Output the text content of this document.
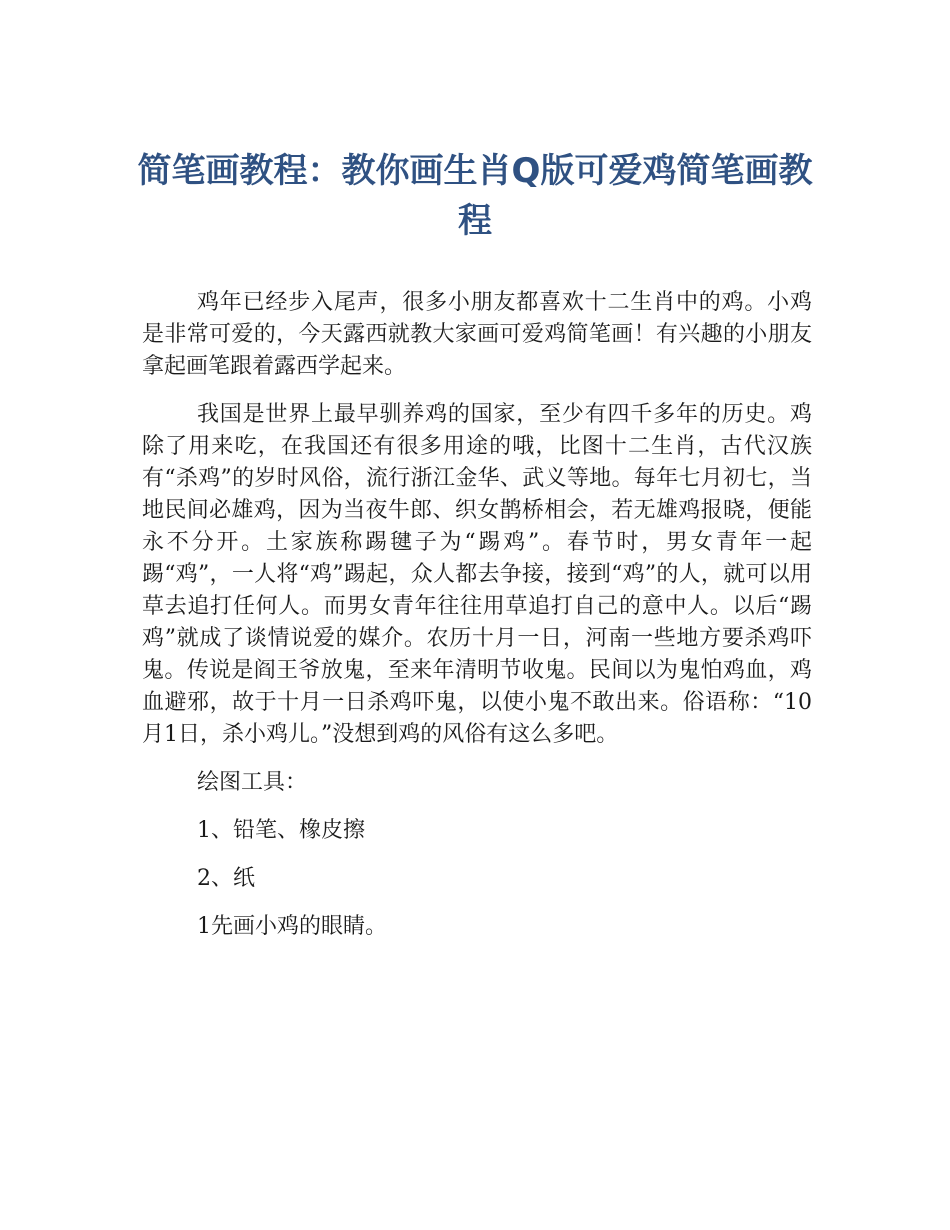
简笔画教程：教你画生肖Q版可爱鸡简笔画教程

鸡年已经步入尾声，很多小朋友都喜欢十二生肖中的鸡。小鸡是非常可爱的，今天露西就教大家画可爱鸡简笔画！有兴趣的小朋友拿起画笔跟着露西学起来。

我国是世界上最早驯养鸡的国家，至少有四千多年的历史。鸡除了用来吃，在我国还有很多用途的哦，比图十二生肖，古代汉族有“杀鸡”的岁时风俗，流行浙江金华、武义等地。每年七月初七，当地民间必雄鸡，因为当夜牛郎、织女鹊桥相会，若无雄鸡报晓，便能永不分开。土家族称踢毽子为“踢鸡”。春节时，男女青年一起踢“鸡”，一人将“鸡”踢起，众人都去争接，接到“鸡”的人，就可以用草去追打任何人。而男女青年往往用草追打自己的意中人。以后“踢鸡”就成了谈情说爱的媒介。农历十月一日，河南一些地方要杀鸡吓鬼。传说是阎王爷放鬼，至来年清明节收鬼。民间以为鬼怕鸡血，鸡血避邪，故于十月一日杀鸡吓鬼，以使小鬼不敢出来。俗语称：“10月1日，杀小鸡儿。”没想到鸡的风俗有这么多吧。

绘图工具：

1、铅笔、橡皮擦

2、纸

1先画小鸡的眼睛。
